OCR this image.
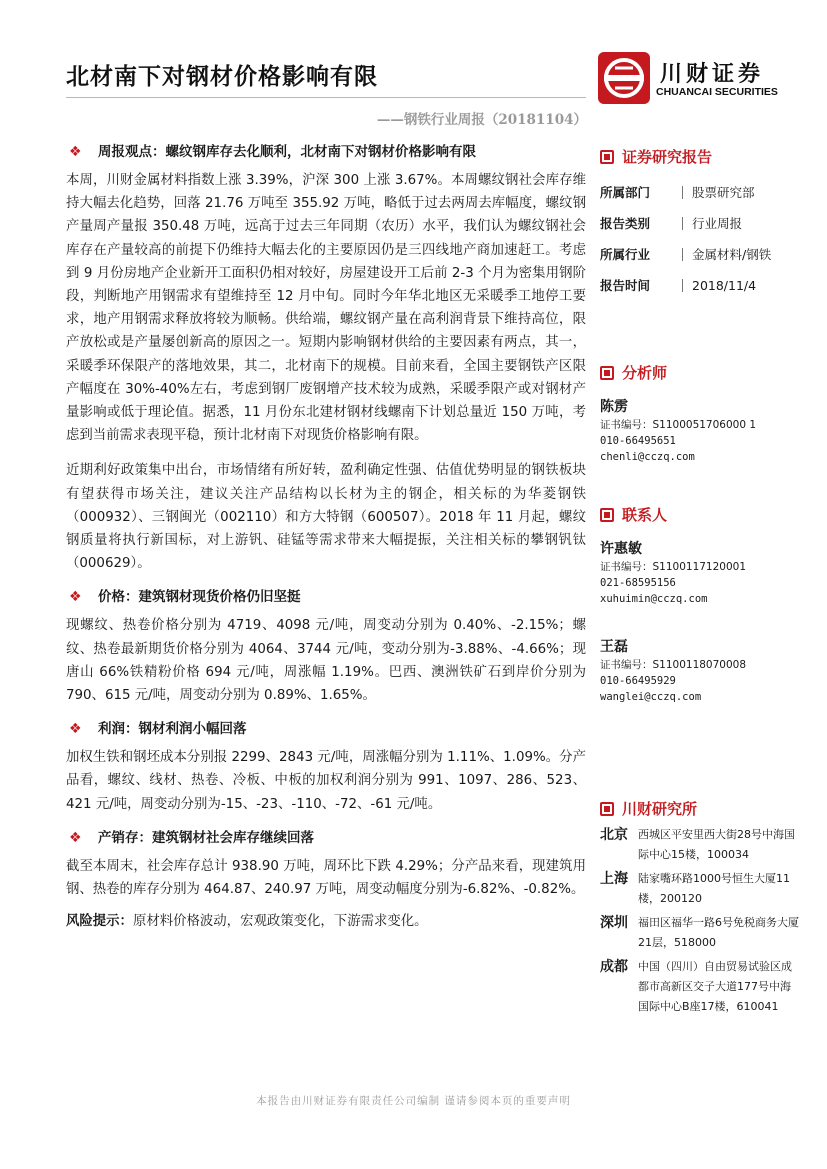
北材南下对钢材价格影响有限
——钢铁行业周报（20181104）
川财证券
CHUANCAI SECURITIES
❖ 周报观点：螺纹钢库存去化顺利，北材南下对钢材价格影响有限

本周，川财金属材料指数上涨 3.39%，沪深 300 上涨 3.67%。本周螺纹钢社会库存维持大幅去化趋势，回落 21.76 万吨至 355.92 万吨，略低于过去两周去库幅度，螺纹钢产量周产量报 350.48 万吨，远高于过去三年同期（农历）水平，我们认为螺纹钢社会库存在产量较高的前提下仍维持大幅去化的主要原因仍是三四线地产商加速赶工。考虑到 9 月份房地产企业新开工面积仍相对较好，房屋建设开工后前 2-3 个月为密集用钢阶段，判断地产用钢需求有望维持至 12 月中旬。同时今年华北地区无采暖季工地停工要求，地产用钢需求释放将较为顺畅。供给端，螺纹钢产量在高利润背景下维持高位，限产放松或是产量屡创新高的原因之一。短期内影响钢材供给的主要因素有两点，其一，采暖季环保限产的落地效果，其二，北材南下的规模。目前来看，全国主要钢铁产区限产幅度在 30%-40%左右，考虑到钢厂废钢增产技术较为成熟，采暖季限产或对钢材产量影响或低于理论值。据悉，11 月份东北建材钢材线螺南下计划总量近 150 万吨，考虑到当前需求表现平稳，预计北材南下对现货价格影响有限。

近期利好政策集中出台，市场情绪有所好转，盈利确定性强、估值优势明显的钢铁板块有望获得市场关注，建议关注产品结构以长材为主的钢企，相关标的为华菱钢铁（000932）、三钢闽光（002110）和方大特钢（600507）。2018 年 11 月起，螺纹钢质量将执行新国标，对上游钒、硅锰等需求带来大幅提振，关注相关标的攀钢钒钛（000629）。

❖ 价格：建筑钢材现货价格仍旧坚挺

现螺纹、热卷价格分别为 4719、4098 元/吨，周变动分别为 0.40%、-2.15%；螺纹、热卷最新期货价格分别为 4064、3744 元/吨，变动分别为-3.88%、-4.66%；现唐山 66%铁精粉价格 694 元/吨，周涨幅 1.19%。巴西、澳洲铁矿石到岸价分别为 790、615 元/吨，周变动分别为 0.89%、1.65%。

❖ 利润：钢材利润小幅回落

加权生铁和钢坯成本分别报 2299、2843 元/吨，周涨幅分别为 1.11%、1.09%。分产品看，螺纹、线材、热卷、冷板、中板的加权利润分别为 991、1097、286、523、421 元/吨，周变动分别为-15、-23、-110、-72、-61 元/吨。

❖ 产销存：建筑钢材社会库存继续回落

截至本周末，社会库存总计 938.90 万吨，周环比下跌 4.29%；分产品来看，现建筑用钢、热卷的库存分别为 464.87、240.97 万吨，周变动幅度分别为-6.82%、-0.82%。

风险提示：原材料价格波动，宏观政策变化，下游需求变化。
证券研究报告
所属部门	股票研究部
报告类别	行业周报
所属行业	金属材料/钢铁
报告时间	2018/11/4
分析师
陈雳
证书编号：S1100051706000 1
010-66495651
chenli@cczq.com
联系人
许惠敏
证书编号：S1100117120001
021-68595156
xuhuimin@cczq.com
王磊
证书编号：S1100118070008
010-66495929
wanglei@cczq.com
川财研究所
北京 西城区平安里西大街28号中海国际中心15楼，100034
上海 陆家嘴环路1000号恒生大厦11楼，200120
深圳 福田区福华一路6号免税商务大厦21层，518000
成都 中国（四川）自由贸易试验区成都市高新区交子大道177号中海国际中心B座17楼，610041
本报告由川财证券有限责任公司编制 谨请参阅本页的重要声明
